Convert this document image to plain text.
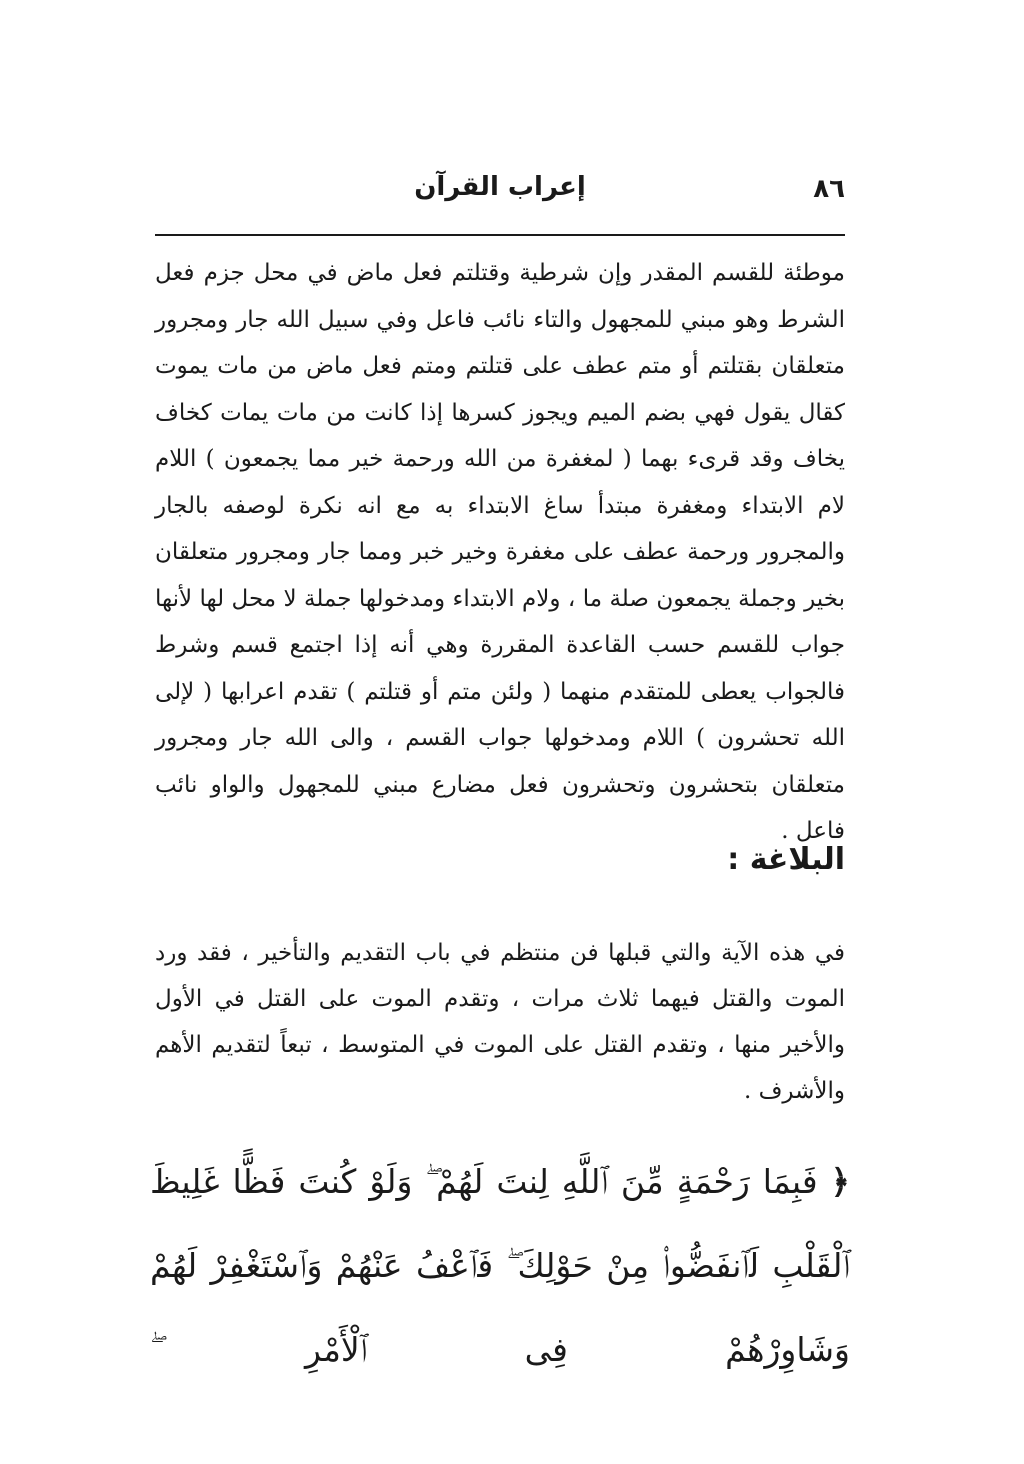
٨٦
إعراب القرآن

موطئة للقسم المقدر وإن شرطية وقتلتم فعل ماض في محل جزم فعل الشرط وهو مبني للمجهول والتاء نائب فاعل وفي سبيل الله جار ومجرور متعلقان بقتلتم أو متم عطف على قتلتم ومتم فعل ماض من مات يموت كقال يقول فهي بضم الميم ويجوز كسرها إذا كانت من مات يمات كخاف يخاف وقد قرىء بهما ( لمغفرة من الله ورحمة خير مما يجمعون ) اللام لام الابتداء ومغفرة مبتدأ ساغ الابتداء به مع انه نكرة لوصفه بالجار والمجرور ورحمة عطف على مغفرة وخير خبر ومما جار ومجرور متعلقان بخير وجملة يجمعون صلة ما ، ولام الابتداء ومدخولها جملة لا محل لها لأنها جواب للقسم حسب القاعدة المقررة وهي أنه إذا اجتمع قسم وشرط فالجواب يعطى للمتقدم منهما ( ولئن متم أو قتلتم ) تقدم اعرابها ( لإلى الله تحشرون ) اللام ومدخولها جواب القسم ، والى الله جار ومجرور متعلقان بتحشرون وتحشرون فعل مضارع مبني للمجهول والواو نائب فاعل .

البلاغة :

في هذه الآية والتي قبلها فن منتظم في باب التقديم والتأخير ، فقد ورد الموت والقتل فيهما ثلاث مرات ، وتقدم الموت على القتل في الأول والأخير منها ، وتقدم القتل على الموت في المتوسط ، تبعاً لتقديم الأهم والأشرف .

﴿ فَبِمَا رَحْمَةٍ مِّنَ ٱللَّهِ لِنتَ لَهُمْ ۖ وَلَوْ كُنتَ فَظًّا غَلِيظَ ٱلْقَلْبِ لَٱنفَضُّوا۟ مِنْ حَوْلِكَ ۖ فَٱعْفُ عَنْهُمْ وَٱسْتَغْفِرْ لَهُمْ وَشَاوِرْهُمْ فِى ٱلْأَمْرِ ۖ
